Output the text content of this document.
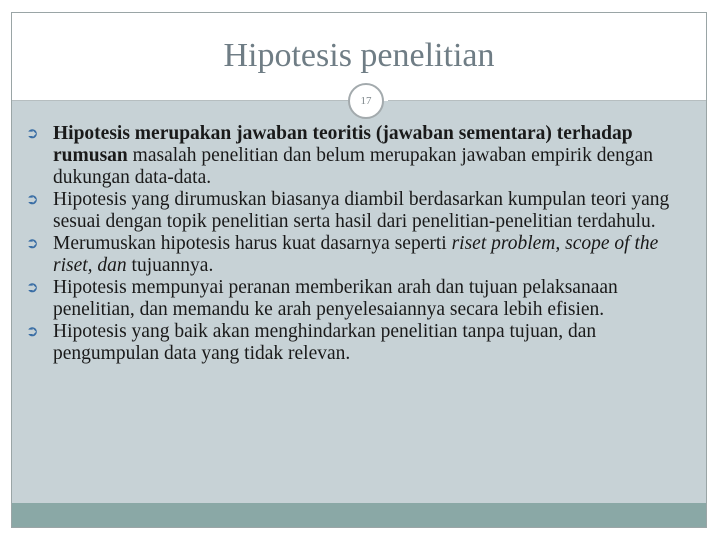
Hipotesis penelitian
17

➲ Hipotesis merupakan jawaban teoritis (jawaban sementara) terhadap rumusan masalah penelitian dan belum merupakan jawaban empirik dengan dukungan data-data.

➲ Hipotesis yang dirumuskan biasanya diambil berdasarkan kumpulan teori yang sesuai dengan topik penelitian serta hasil dari penelitian-penelitian terdahulu.

➲ Merumuskan hipotesis harus kuat dasarnya seperti riset problem, scope of the riset, dan tujuannya.

➲ Hipotesis mempunyai peranan memberikan arah dan tujuan pelaksanaan penelitian, dan memandu ke arah penyelesaiannya secara lebih efisien.

➲ Hipotesis yang baik akan menghindarkan penelitian tanpa tujuan, dan pengumpulan data yang tidak relevan.
